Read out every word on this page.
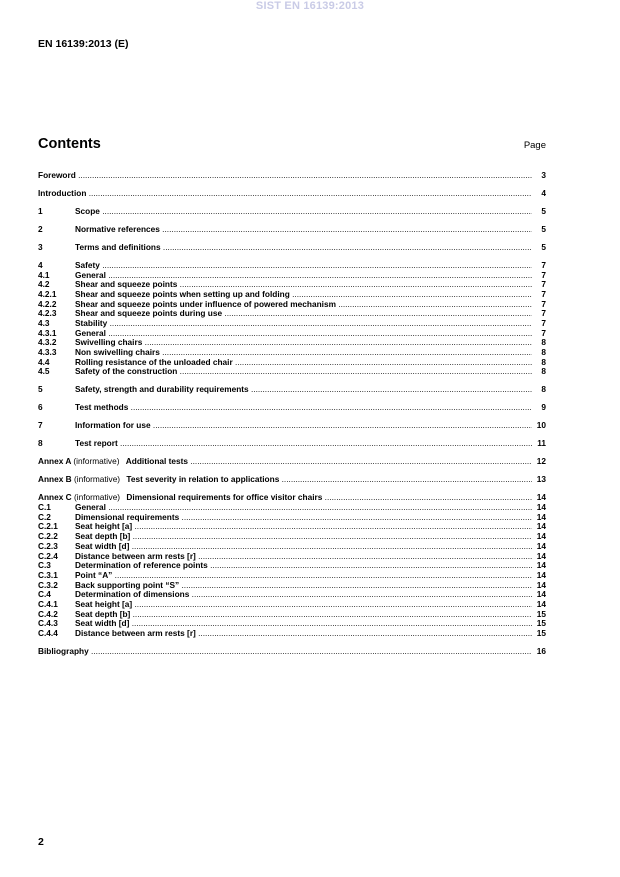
SIST EN 16139:2013
EN 16139:2013 (E)
Contents	Page
Foreword .....	3
Introduction .....	4
1	Scope .....	5
2	Normative references .....	5
3	Terms and definitions .....	5
4	Safety .....	7
4.1	General .....	7
4.2	Shear and squeeze points .....	7
4.2.1 Shear and squeeze points when setting up and folding .....	7
4.2.2 Shear and squeeze points under influence of powered mechanism .....	7
4.2.3 Shear and squeeze points during use .....	7
4.3	Stability .....	7
4.3.1 General .....	7
4.3.2 Swivelling chairs .....	8
4.3.3 Non swivelling chairs .....	8
4.4	Rolling resistance of the unloaded chair .....	8
4.5	Safety of the construction .....	8
5	Safety, strength and durability requirements .....	8
6	Test methods .....	9
7	Information for use .....	10
8	Test report .....	11
Annex A (informative) Additional tests .....	12
Annex B (informative) Test severity in relation to applications .....	13
Annex C (informative) Dimensional requirements for office visitor chairs .....	14
C.1	General .....	14
C.2	Dimensional requirements .....	14
C.2.1 Seat height [a] .....	14
C.2.2 Seat depth [b] .....	14
C.2.3 Seat width [d] .....	14
C.2.4 Distance between arm rests [r] .....	14
C.3	Determination of reference points .....	14
C.3.1 Point “A” .....	14
C.3.2 Back supporting point “S” .....	14
C.4	Determination of dimensions .....	14
C.4.1 Seat height [a] .....	14
C.4.2 Seat depth [b] .....	15
C.4.3 Seat width [d] .....	15
C.4.4 Distance between arm rests [r] .....	15
Bibliography .....	16
2
